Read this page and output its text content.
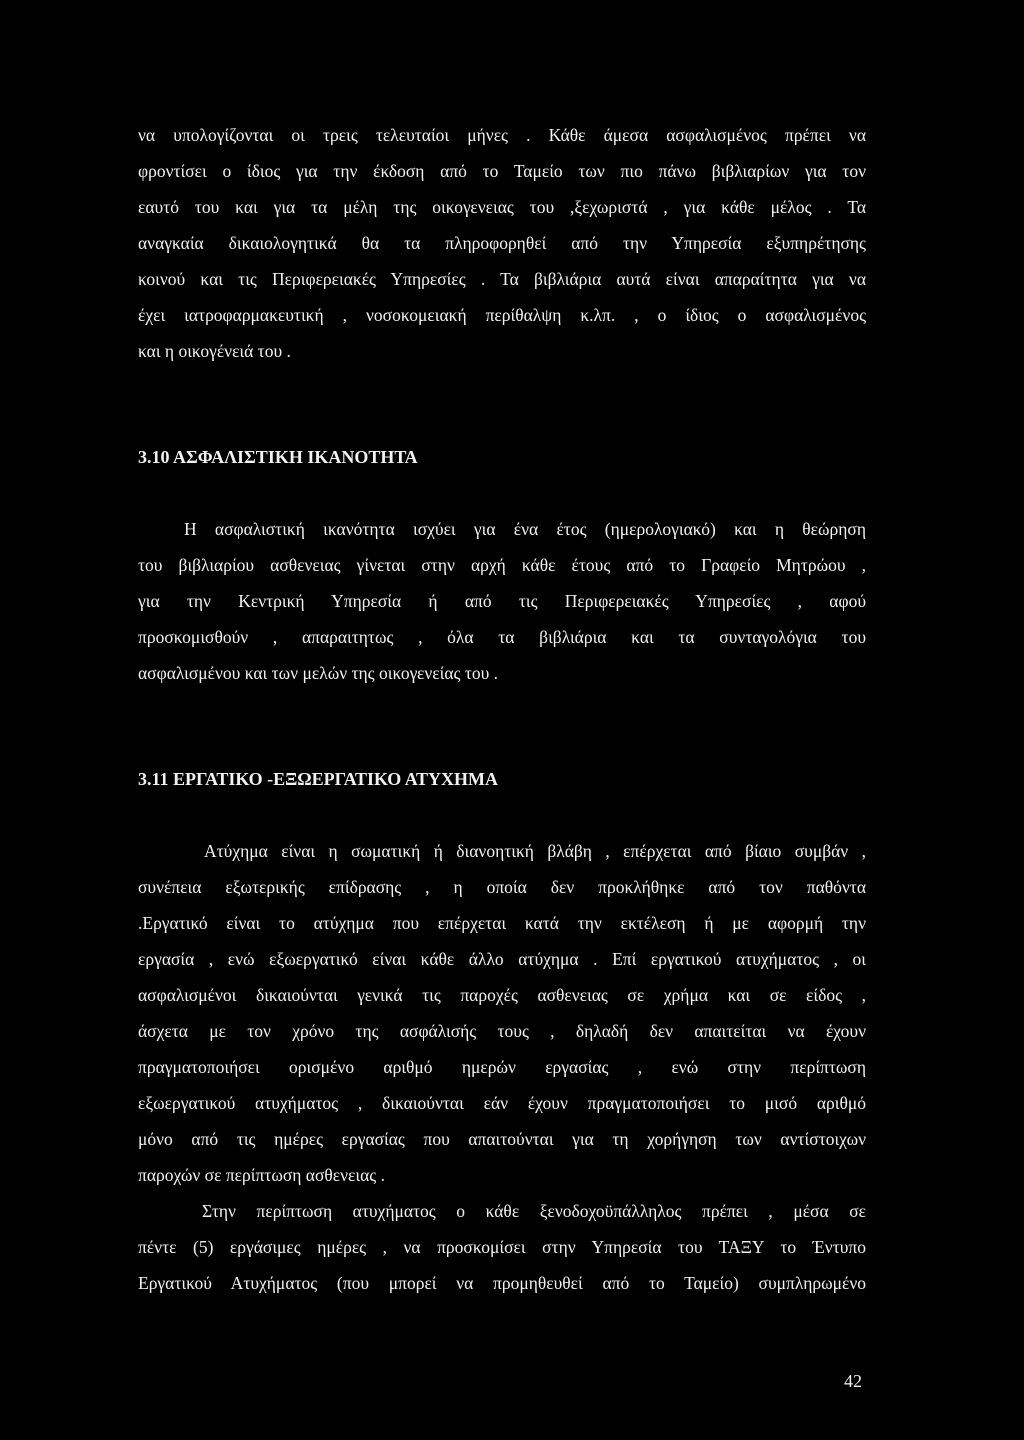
να υπολογίζονται οι τρεις τελευταίοι μήνες . Κάθε άμεσα ασφαλισμένος πρέπει να

φροντίσει ο ίδιος για την έκδοση από το Ταμείο των πιο πάνω βιβλιαρίων για τον

εαυτό του και για τα μέλη της οικογενειας του ,ξεχωριστά , για κάθε μέλος . Τα

αναγκαία δικαιολογητικά θα τα πληροφορηθεί από την Υπηρεσία εξυπηρέτησης

κοινού και τις Περιφερειακές Υπηρεσίες . Τα βιβλιάρια αυτά είναι απαραίτητα για να

έχει ιατροφαρμακευτική , νοσοκομειακή περίθαλψη κ.λπ. , ο ίδιος ο ασφαλισμένος

και η οικογένειά του .

3.10 ΑΣΦΑΛΙΣΤΙΚΗ ΙΚΑΝΟΤΗΤΑ

Η ασφαλιστική ικανότητα ισχύει για ένα έτος (ημερολογιακό) και η θεώρηση

του βιβλιαρίου ασθενειας γίνεται στην αρχή κάθε έτους από το Γραφείο Μητρώου ,

για την Κεντρική Υπηρεσία ή από τις Περιφερειακές Υπηρεσίες , αφού

προσκομισθούν , απαραιτητως , όλα τα βιβλιάρια και τα συνταγολόγια του

ασφαλισμένου και των μελών της οικογενείας του .

3.11 ΕΡΓΑΤΙΚΟ -ΕΞΩΕΡΓΑΤΙΚΟ ΑΤΥΧΗΜΑ

Ατύχημα είναι η σωματική ή διανοητική βλάβη , επέρχεται από βίαιο συμβάν ,

συνέπεια εξωτερικής επίδρασης , η οποία δεν προκλήθηκε από τον παθόντα

.Εργατικό είναι το ατύχημα που επέρχεται κατά την εκτέλεση ή με αφορμή την

εργασία , ενώ εξωεργατικό είναι κάθε άλλο ατύχημα . Επί εργατικού ατυχήματος , οι

ασφαλισμένοι δικαιούνται γενικά τις παροχές ασθενειας σε χρήμα και σε είδος ,

άσχετα με τον χρόνο της ασφάλισής τους , δηλαδή δεν απαιτείται να έχουν

πραγματοποιήσει ορισμένο αριθμό ημερών εργασίας , ενώ στην περίπτωση

εξωεργατικού ατυχήματος , δικαιούνται εάν έχουν πραγματοποιήσει το μισό αριθμό

μόνο από τις ημέρες εργασίας που απαιτούνται για τη χορήγηση των αντίστοιχων

παροχών σε περίπτωση ασθενειας .

Στην περίπτωση ατυχήματος ο κάθε ξενοδοχοϋπάλληλος πρέπει , μέσα σε

πέντε (5) εργάσιμες ημέρες , να προσκομίσει στην Υπηρεσία του ΤΑΞΥ το Έντυπο

Εργατικού Ατυχήματος (που μπορεί να προμηθευθεί από το Ταμείο) συμπληρωμένο

42
